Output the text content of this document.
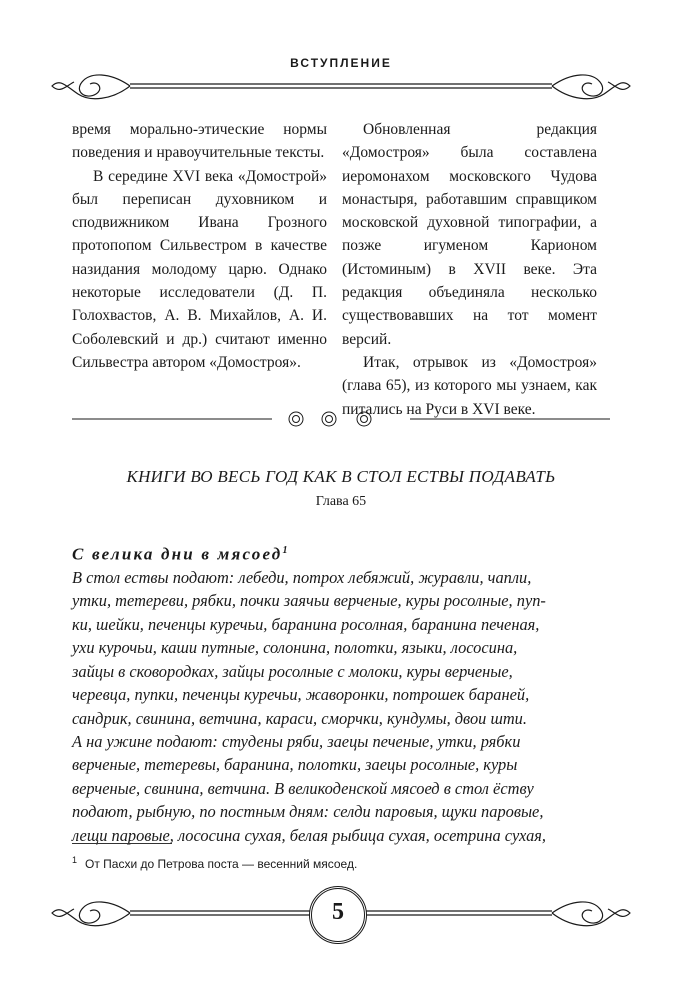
ВСТУПЛЕНИЕ

время морально-этические нормы поведения и нравоучительные тексты.

В середине XVI века «Домострой» был переписан духовником и сподвижником Ивана Грозного протопопом Сильвестром в качестве назидания молодому царю. Однако некоторые исследователи (Д. П. Голохвастов, А. В. Михайлов, А. И. Соболевский и др.) считают именно Сильвестра автором «Домостроя».

Обновленная редакция «Домостроя» была составлена иеромонахом московского Чудова монастыря, работавшим справщиком московской духовной типографии, а позже игуменом Карионом (Истоминым) в XVII веке. Эта редакция объединяла несколько существовавших на тот момент версий.

Итак, отрывок из «Домостроя» (глава 65), из которого мы узнаем, как питались на Руси в XVI веке.

КНИГИ ВО ВЕСЬ ГОД КАК В СТОЛ ЕСТВЫ ПОДАВАТЬ
Глава 65
С велика дни в мясоед$^1$

В стол ествы подают: лебеди, потрох лебяжий, журавли, чапли,
утки, тетереви, рябки, почки заячьи верченые, куры росолные, пуп-
ки, шейки, печенцы куречьи, баранина росолная, баранина печеная,
ухи курочьи, каши путные, солонина, полотки, языки, лососина,
зайцы в сковородках, зайцы росолные с молоки, куры верченые,
черевца, пупки, печенцы куречьи, жаворонки, потрошек бараней,
сандрик, свинина, ветчина, караси, сморчки, кундумы, двои шти.
А на ужине подают: студены ряби, заецы печеные, утки, рябки
верченые, тетеревы, баранина, полотки, заецы росолные, куры
верченые, свинина, ветчина. В великоденской мясоед в стол ёству
подают, рыбную, по постным дням: селди паровыя, щуки паровые,
лещи паровые, лососина сухая, белая рыбица сухая, осетрина сухая,

$^1$ От Пасхи до Петрова поста — весенний мясоед.
5
